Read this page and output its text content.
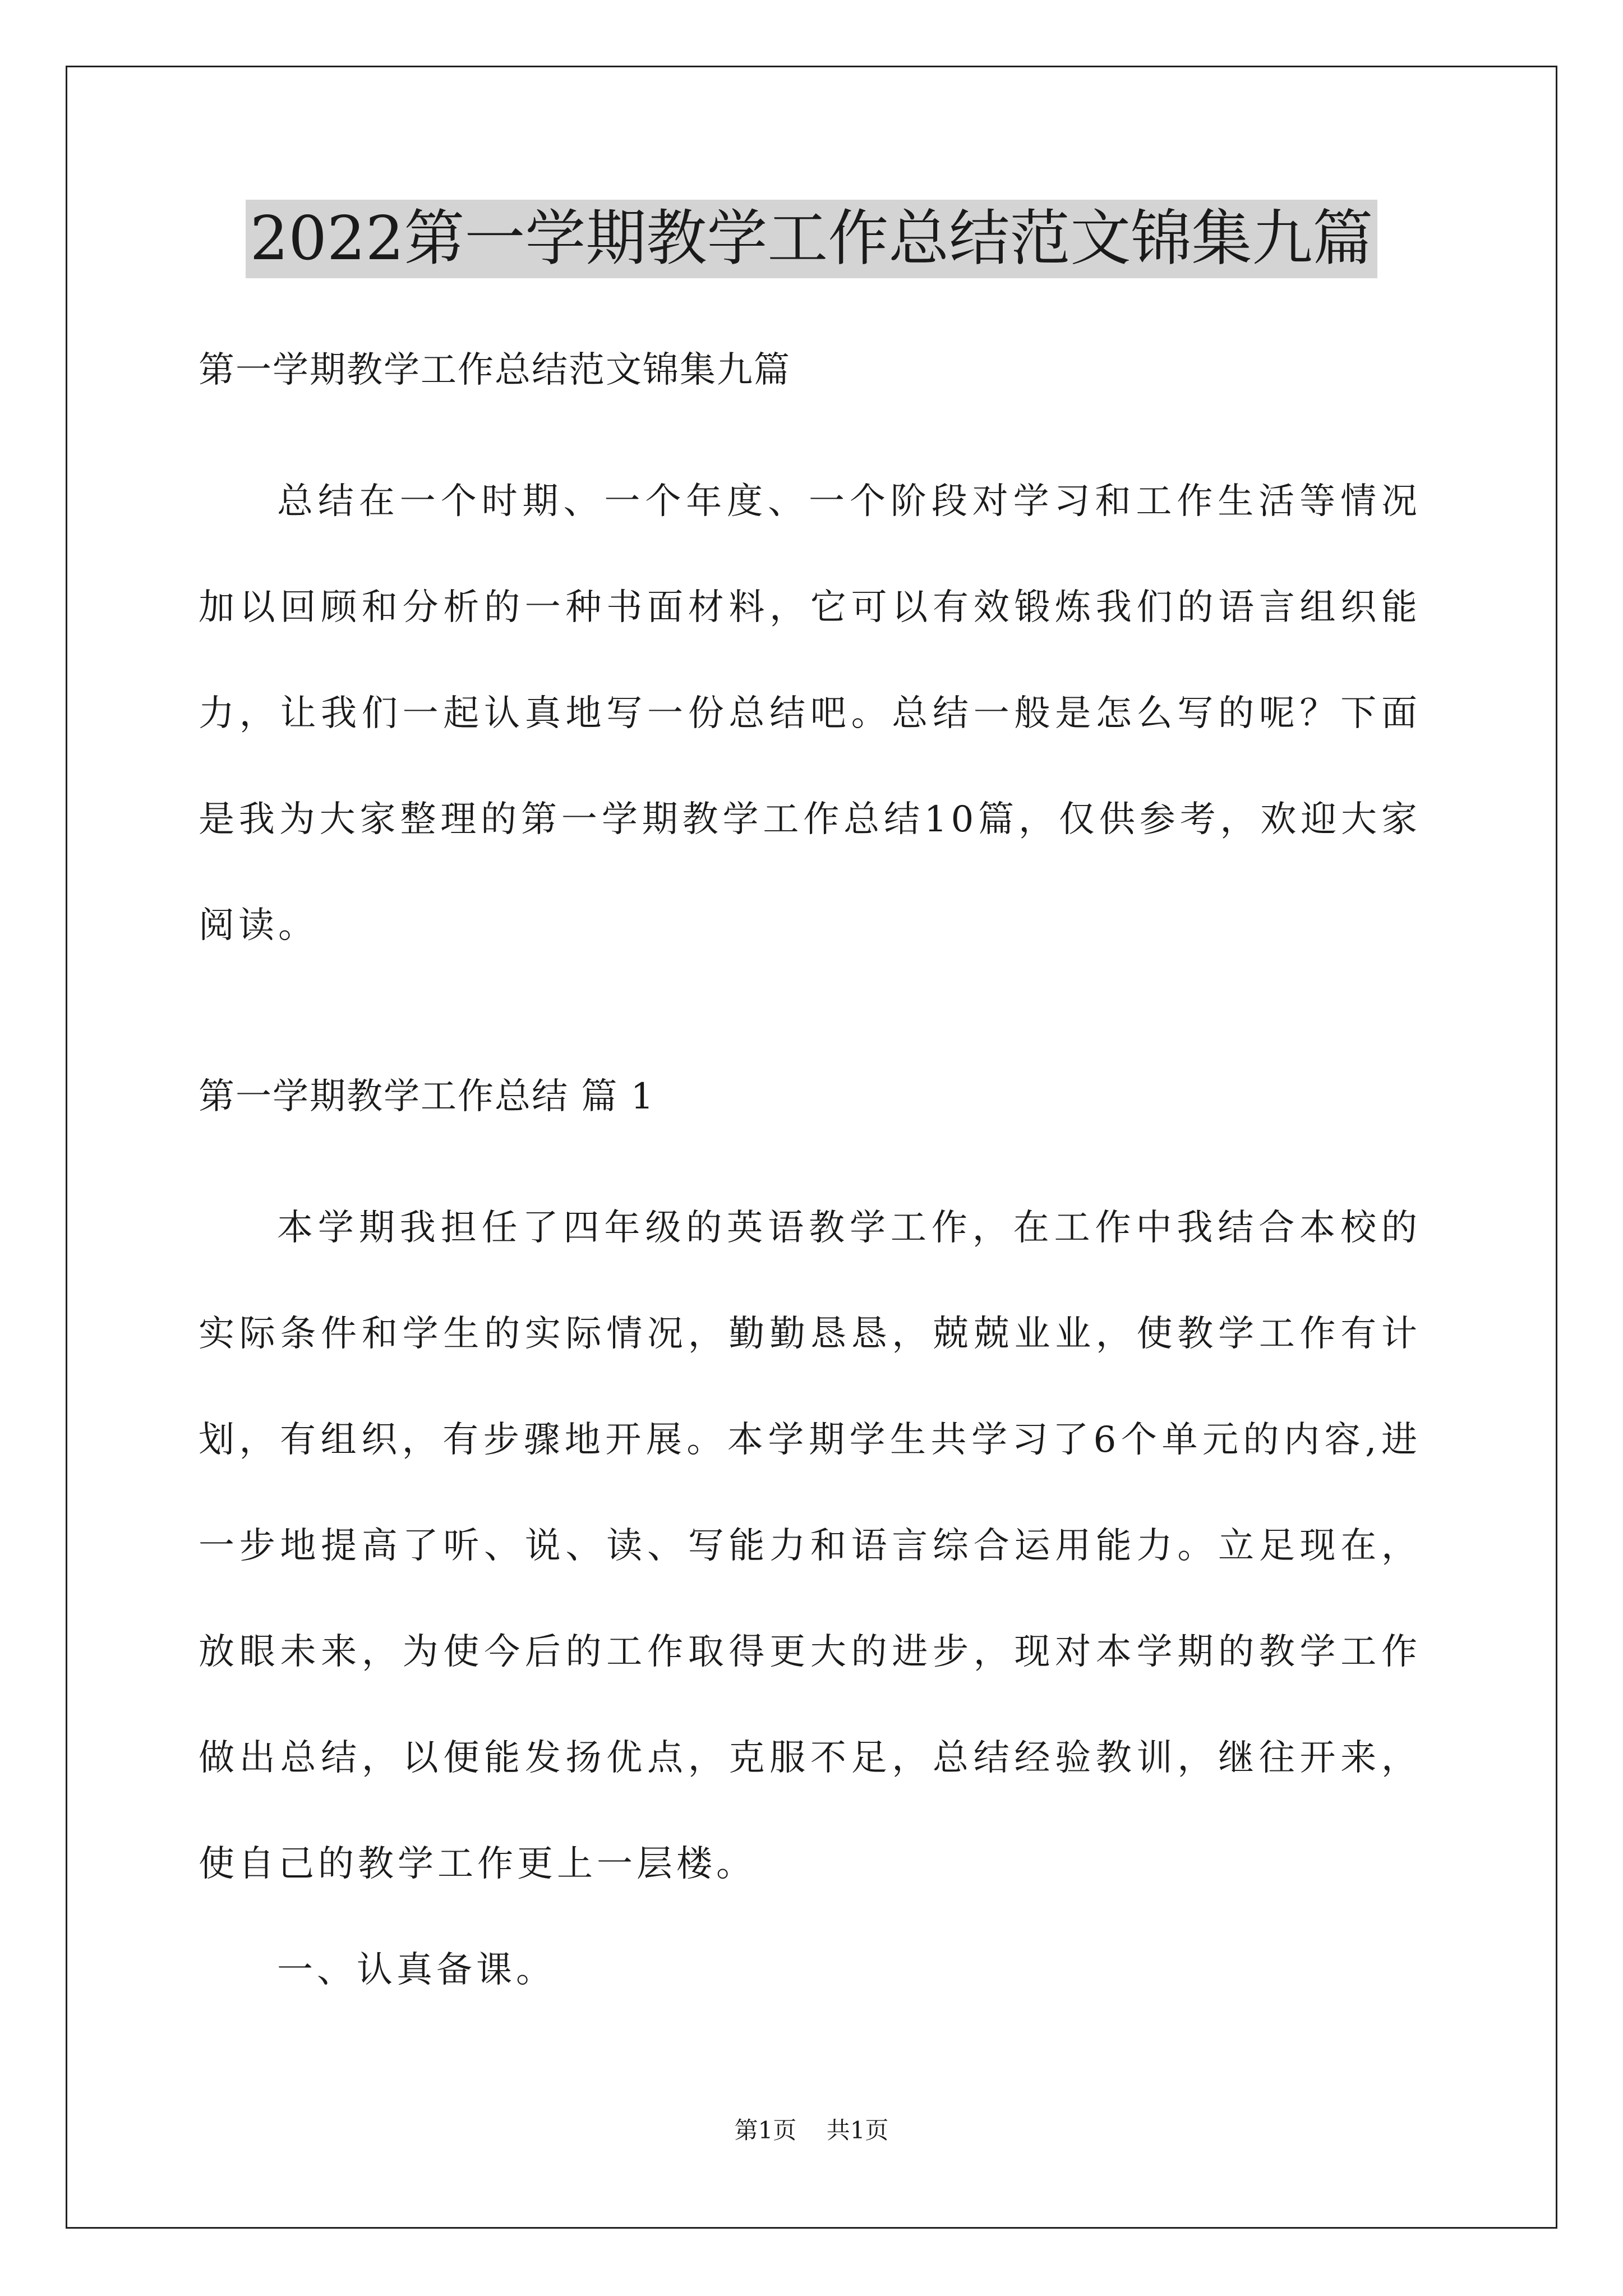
2022第一学期教学工作总结范文锦集九篇

第一学期教学工作总结范文锦集九篇

总结在一个时期、一个年度、一个阶段对学习和工作生活等情况加以回顾和分析的一种书面材料，它可以有效锻炼我们的语言组织能力，让我们一起认真地写一份总结吧。总结一般是怎么写的呢？下面是我为大家整理的第一学期教学工作总结10篇，仅供参考，欢迎大家阅读。

第一学期教学工作总结 篇 1

本学期我担任了四年级的英语教学工作，在工作中我结合本校的实际条件和学生的实际情况，勤勤恳恳，兢兢业业，使教学工作有计划，有组织，有步骤地开展。本学期学生共学习了6个单元的内容,进一步地提高了听、说、读、写能力和语言综合运用能力。立足现在，放眼未来，为使今后的工作取得更大的进步，现对本学期的教学工作做出总结，以便能发扬优点，克服不足，总结经验教训，继往开来，使自己的教学工作更上一层楼。

一、认真备课。

第1页 共1页
